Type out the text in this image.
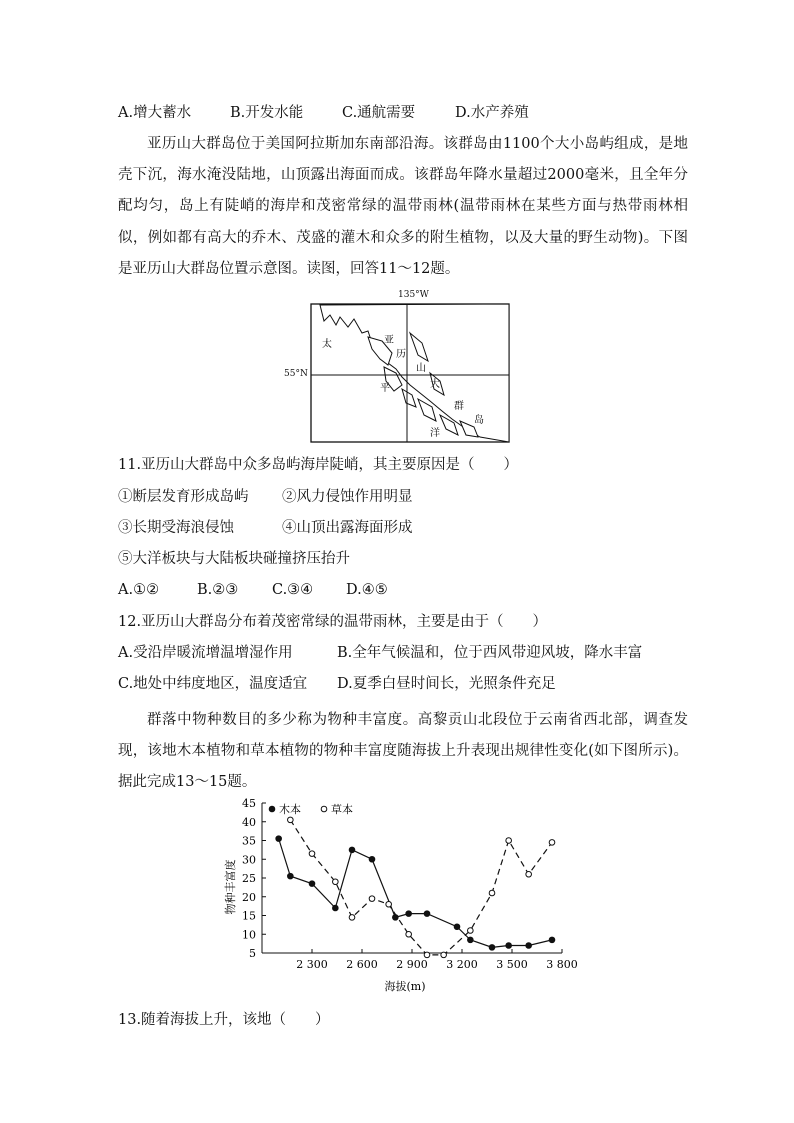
A.增大蓄水	B.开发水能	C.通航需要	D.水产养殖
亚历山大群岛位于美国阿拉斯加东南部沿海。该群岛由1100个大小岛屿组成，是地壳下沉，海水淹没陆地，山顶露出海面而成。该群岛年降水量超过2000毫米，且全年分配均匀，岛上有陡峭的海岸和茂密常绿的温带雨林(温带雨林在某些方面与热带雨林相似，例如都有高大的乔木、茂盛的灌木和众多的附生植物，以及大量的野生动物)。下图是亚历山大群岛位置示意图。读图，回答11～12题。
太
平
洋
亚
历
山
大
群
岛
135°W
55°N
11.亚历山大群岛中众多岛屿海岸陡峭，其主要原因是（　　）
①断层发育形成岛屿 ②风力侵蚀作用明显
③长期受海浪侵蚀	④山顶出露海面形成
⑤大洋板块与大陆板块碰撞挤压抬升
A.①②	B.②③ C.③④ D.④⑤
12.亚历山大群岛分布着茂密常绿的温带雨林，主要是由于（　　）
A.受沿岸暖流增温增湿作用	B.全年气候温和，位于西风带迎风坡，降水丰富
C.地处中纬度地区，温度适宜 D.夏季白昼时间长，光照条件充足
群落中物种数目的多少称为物种丰富度。高黎贡山北段位于云南省西北部，调查发现，该地木本植物和草本植物的物种丰富度随海拔上升表现出规律性变化(如下图所示)。据此完成13～15题。
5
10
15
20
25
30
35
40
45
2 300 2 600 2 900 3 200 3 500 3 800
木本	草本
物种丰富度
海拔(m)
13.随着海拔上升，该地（　　）
